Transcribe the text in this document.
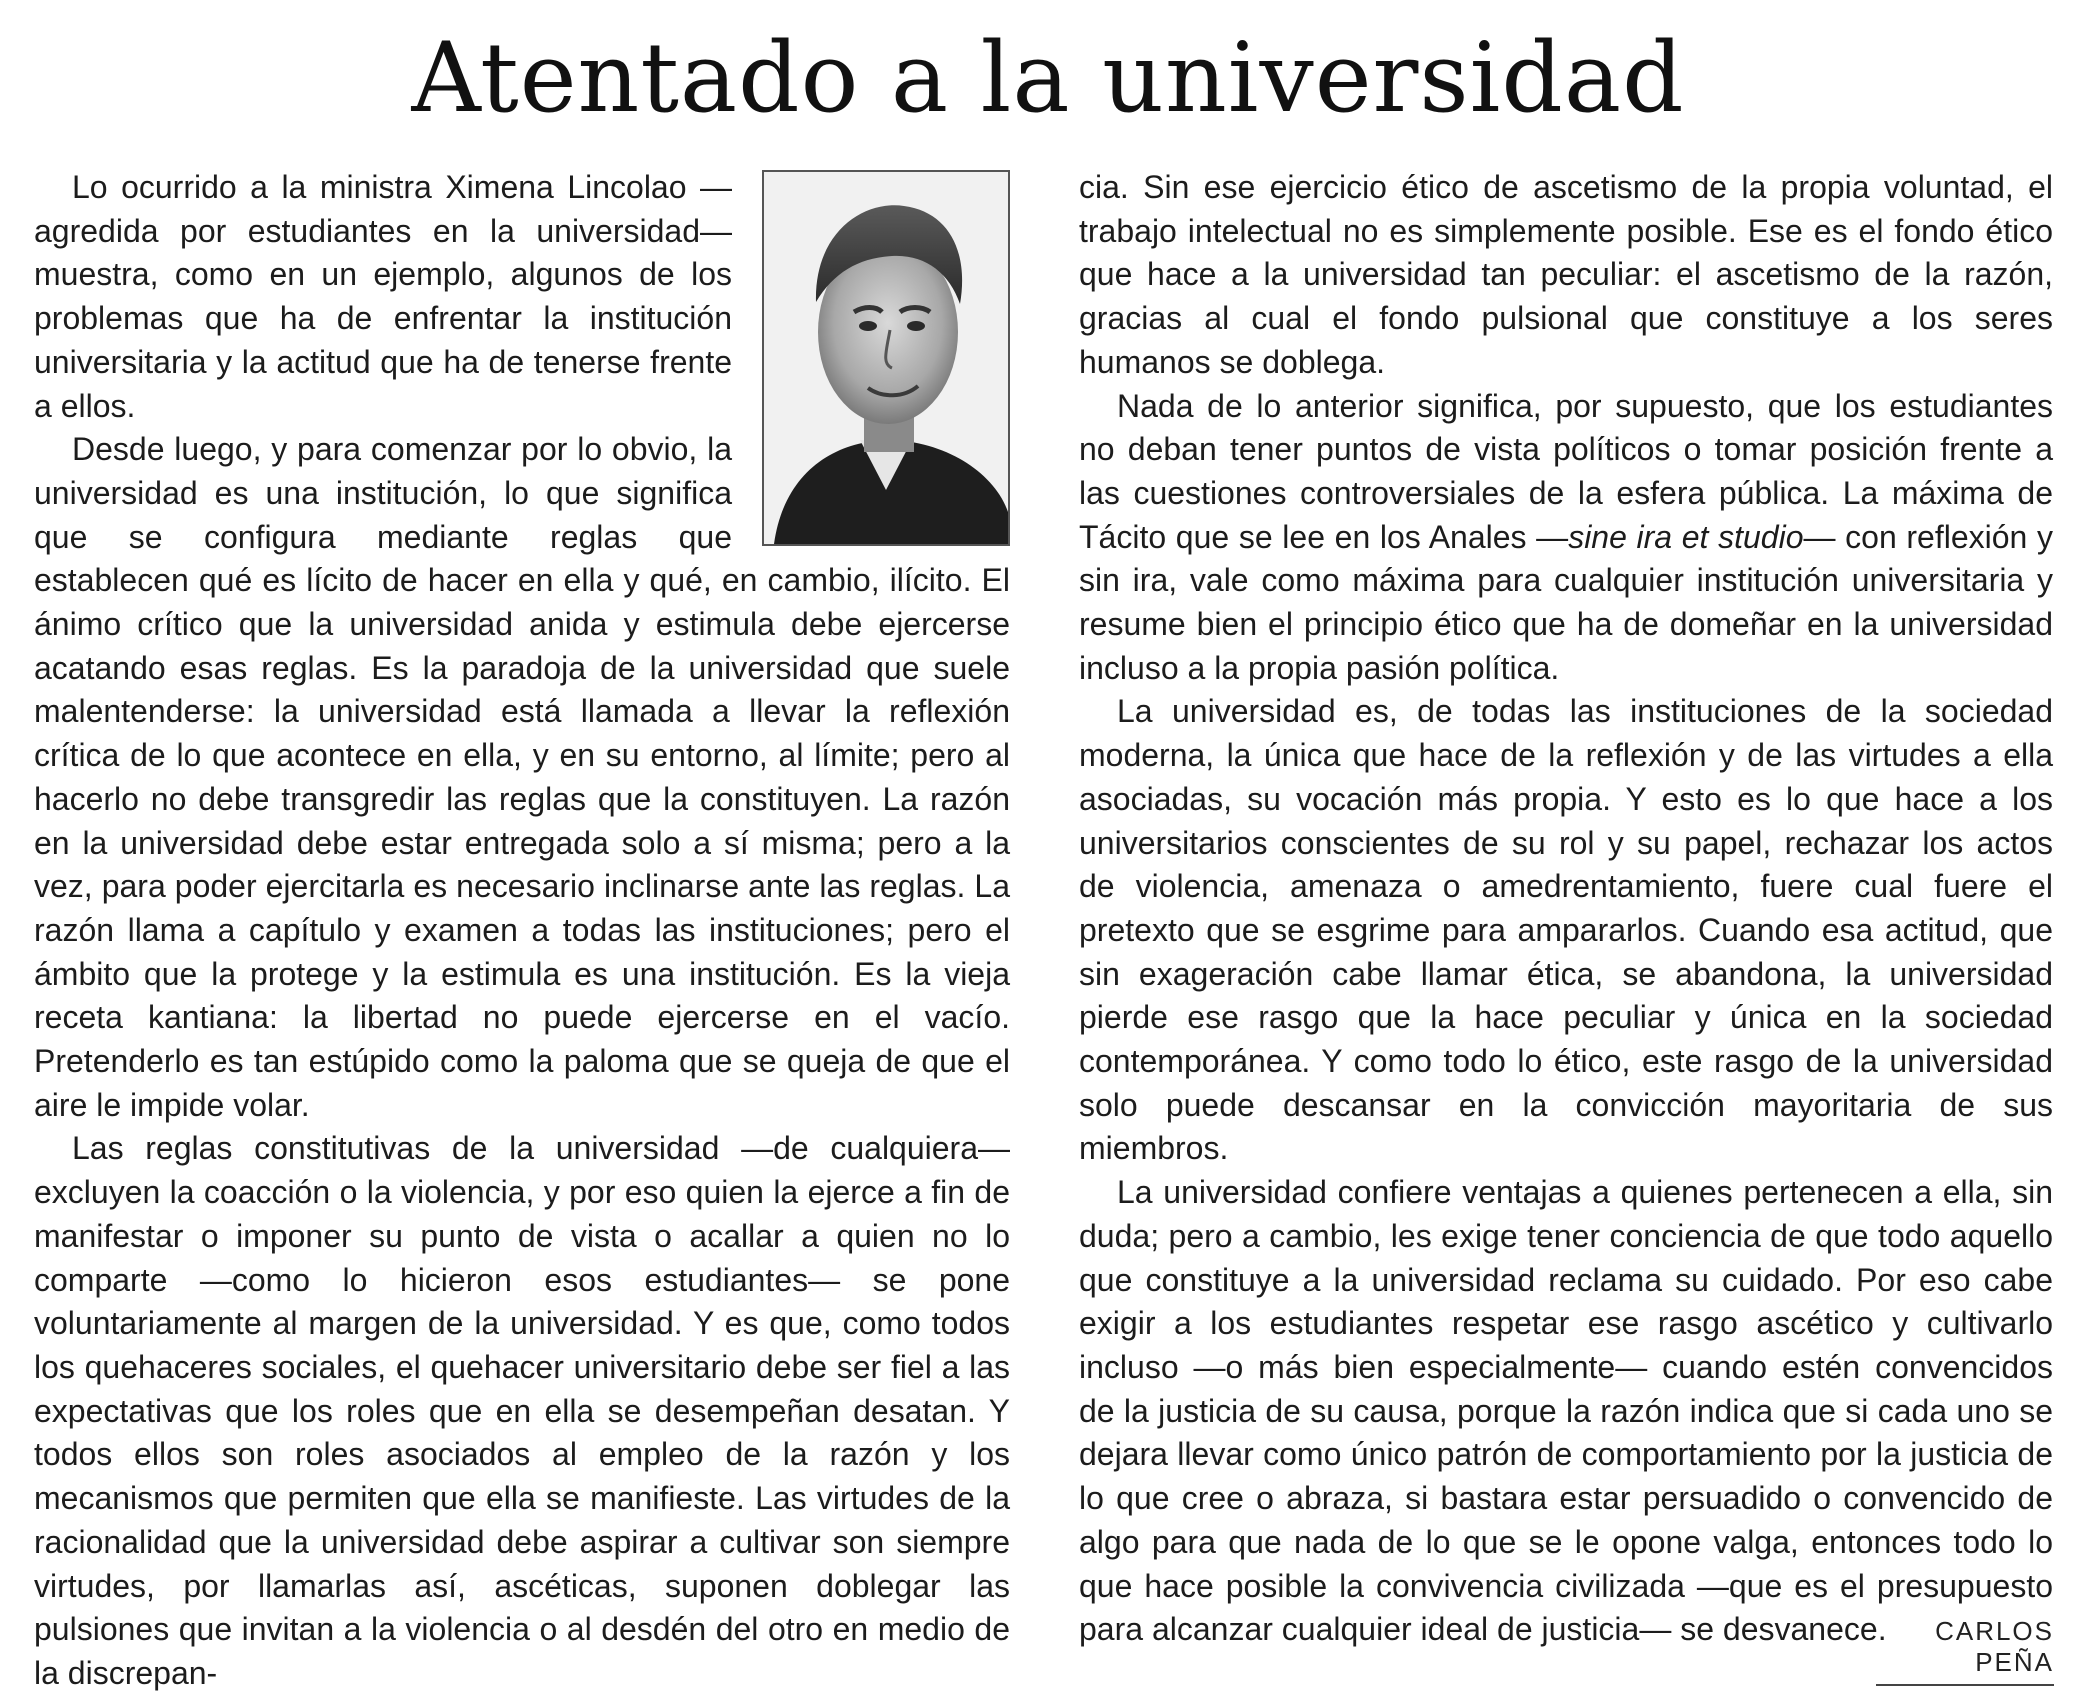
Atentado a la universidad

Lo ocurrido a la ministra Ximena Lincolao —agredida por estudiantes en la universidad— muestra, como en un ejemplo, algunos de los problemas que ha de enfrentar la institución universitaria y la actitud que ha de tenerse frente a ellos.

Desde luego, y para comenzar por lo obvio, la universidad es una institución, lo que significa que se configura mediante reglas que establecen qué es lícito de hacer en ella y qué, en cambio, ilícito. El ánimo crítico que la universidad anida y estimula debe ejercerse acatando esas reglas. Es la paradoja de la universidad que suele malentenderse: la universidad está llamada a llevar la reflexión crítica de lo que acontece en ella, y en su entorno, al límite; pero al hacerlo no debe transgredir las reglas que la constituyen. La razón en la universidad debe estar entregada solo a sí misma; pero a la vez, para poder ejercitarla es necesario inclinarse ante las reglas. La razón llama a capítulo y examen a todas las instituciones; pero el ámbito que la protege y la estimula es una institución. Es la vieja receta kantiana: la libertad no puede ejercerse en el vacío. Pretenderlo es tan estúpido como la paloma que se queja de que el aire le impide volar.

Las reglas constitutivas de la universidad —de cualquiera— excluyen la coacción o la violencia, y por eso quien la ejerce a fin de manifestar o imponer su punto de vista o acallar a quien no lo comparte —como lo hicieron esos estudiantes— se pone voluntariamente al margen de la universidad. Y es que, como todos los quehaceres sociales, el quehacer universitario debe ser fiel a las expectativas que los roles que en ella se desempeñan desatan. Y todos ellos son roles asociados al empleo de la razón y los mecanismos que permiten que ella se manifieste. Las virtudes de la racionalidad que la universidad debe aspirar a cultivar son siempre virtudes, por llamarlas así, ascéticas, suponen doblegar las pulsiones que invitan a la violencia o al desdén del otro en medio de la discrepan-

cia. Sin ese ejercicio ético de ascetismo de la propia voluntad, el trabajo intelectual no es simplemente posible. Ese es el fondo ético que hace a la universidad tan peculiar: el ascetismo de la razón, gracias al cual el fondo pulsional que constituye a los seres humanos se doblega.

Nada de lo anterior significa, por supuesto, que los estudiantes no deban tener puntos de vista políticos o tomar posición frente a las cuestiones controversiales de la esfera pública. La máxima de Tácito que se lee en los Anales —sine ira et studio— con reflexión y sin ira, vale como máxima para cualquier institución universitaria y resume bien el principio ético que ha de domeñar en la universidad incluso a la propia pasión política.

La universidad es, de todas las instituciones de la sociedad moderna, la única que hace de la reflexión y de las virtudes a ella asociadas, su vocación más propia. Y esto es lo que hace a los universitarios conscientes de su rol y su papel, rechazar los actos de violencia, amenaza o amedrentamiento, fuere cual fuere el pretexto que se esgrime para ampararlos. Cuando esa actitud, que sin exageración cabe llamar ética, se abandona, la universidad pierde ese rasgo que la hace peculiar y única en la sociedad contemporánea. Y como todo lo ético, este rasgo de la universidad solo puede descansar en la convicción mayoritaria de sus miembros.

La universidad confiere ventajas a quienes pertenecen a ella, sin duda; pero a cambio, les exige tener conciencia de que todo aquello que constituye a la universidad reclama su cuidado. Por eso cabe exigir a los estudiantes respetar ese rasgo ascético y cultivarlo incluso —o más bien especialmente— cuando estén convencidos de la justicia de su causa, porque la razón indica que si cada uno se dejara llevar como único patrón de comportamiento por la justicia de lo que cree o abraza, si bastara estar persuadido o convencido de algo para que nada de lo que se le opone valga, entonces todo lo que hace posible la convivencia civilizada —que es el presupuesto para alcanzar cualquier ideal de justicia— se desvanece.	CARLOS PEÑA
